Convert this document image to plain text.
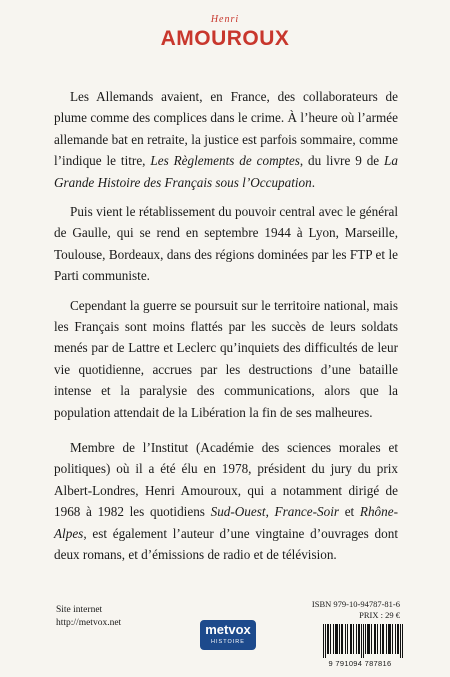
Henri
AMOUROUX

Les Allemands avaient, en France, des collaborateurs de plume comme des complices dans le crime. À l’heure où l’armée allemande bat en retraite, la justice est parfois sommaire, comme l’indique le titre, Les Règlements de comptes, du livre 9 de La Grande Histoire des Français sous l’Occupation.

Puis vient le rétablissement du pouvoir central avec le général de Gaulle, qui se rend en septembre 1944 à Lyon, Marseille, Toulouse, Bordeaux, dans des régions dominées par les FTP et le Parti communiste.

Cependant la guerre se poursuit sur le territoire national, mais les Français sont moins flattés par les succès de leurs soldats menés par de Lattre et Leclerc qu’inquiets des difficultés de leur vie quotidienne, accrues par les destructions d’une bataille intense et la paralysie des communications, alors que la population attendait de la Libération la fin de ses malheures.

Membre de l’Institut (Académie des sciences morales et politiques) où il a été élu en 1978, président du jury du prix Albert-Londres, Henri Amouroux, qui a notamment dirigé de 1968 à 1982 les quotidiens Sud-Ouest, France-Soir et Rhône-Alpes, est également l’auteur d’une vingtaine d’ouvrages dont deux romans, et d’émissions de radio et de télévision.

Site internet
http://metvox.net
ISBN 979-10-94787-81-6
PRIX : 29 €
metvox
HISTOIRE
9 791094 787816
